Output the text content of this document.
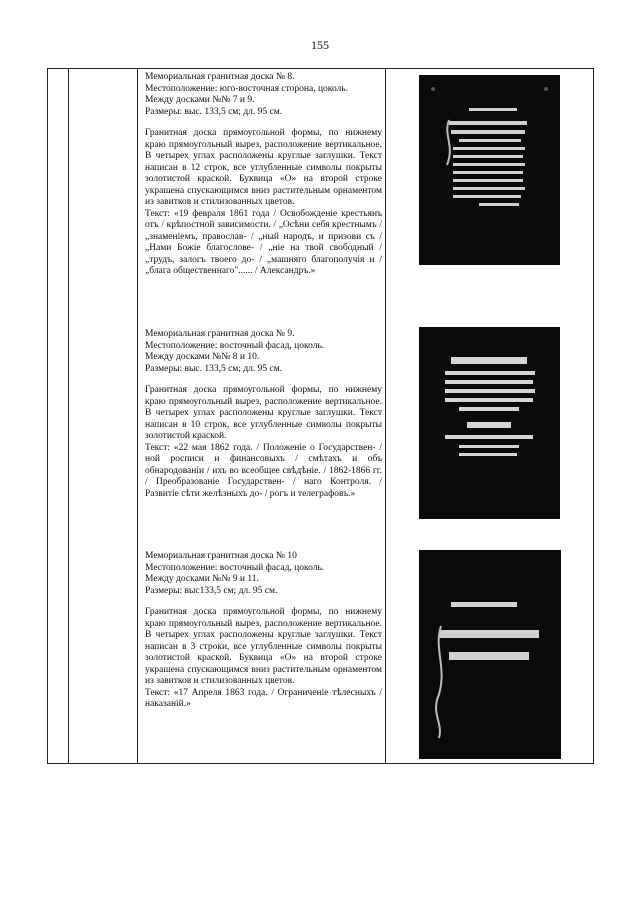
155

Мемориальная гранитная доска № 8.

Местоположение: юго-восточная сторона, цоколь.

Между досками №№ 7 и 9.

Размеры: выс. 133,5 см; дл. 95 см.

Гранитная доска прямоугольной формы, по нижнему краю прямоугольный вырез, расположение вертикальное. В четырех углах расположены круглые заглушки. Текст написан в 12 строк, все углубленные символы покрыты золотистой краской. Буквица «О» на второй строке украшена спускающимся вниз растительным орнаментом из завитков и стилизованных цветов.

Текст: «19 февраля 1861 года / Освобожденіе крестьянъ отъ / крѣпостной зависимости. / „Осѣни себя крестнымъ / „знаменіемъ, православ- / „ный народъ, и призови съ / „Нами Божіе благослове- / „ніе на твой свободный / „трудъ, залогъ твоего до- / „машняго благополучія и / „блага общественнаго"...... / Александръ.»

Мемориальная гранитная доска № 9.

Местоположение: восточный фасад, цоколь.

Между досками №№ 8 и 10.

Размеры: выс. 133,5 см; дл. 95 см.

Гранитная доска прямоугольной формы, по нижнему краю прямоугольный вырез, расположение вертикальное. В четырех углах расположены круглые заглушки. Текст написан в 10 строк, все углубленные символы покрыты золотистой краской.

Текст: «22 мая 1862 года. / Положеніе о Государствен- / ной росписи и финансовыхъ / смѣтахъ и объ обнародованіи / ихъ во всеобщее свѣдѣніе. / 1862-1866 гг. / Преобразованіе Государствен- / наго Контроля. / Развитіе сѣти желѣзныхъ до- / рогъ и телеграфовъ.»

Мемориальная гранитная доска № 10

Местоположение: восточный фасад, цоколь.

Между досками №№ 9 и 11.

Размеры: выс133,5 см; дл. 95 см.

Гранитная доска прямоугольной формы, по нижнему краю прямоугольный вырез, расположение вертикальное. В четырех углах расположены круглые заглушки. Текст написан в 3 строки, все углубленные символы покрыты золотистой краской. Буквица «О» на второй строке украшена спускающимся вниз растительным орнаментом из завитков и стилизованных цветов.

Текст: «17 Апреля 1863 года. / Ограниченіе тѣлесныхъ / наказаній.»
